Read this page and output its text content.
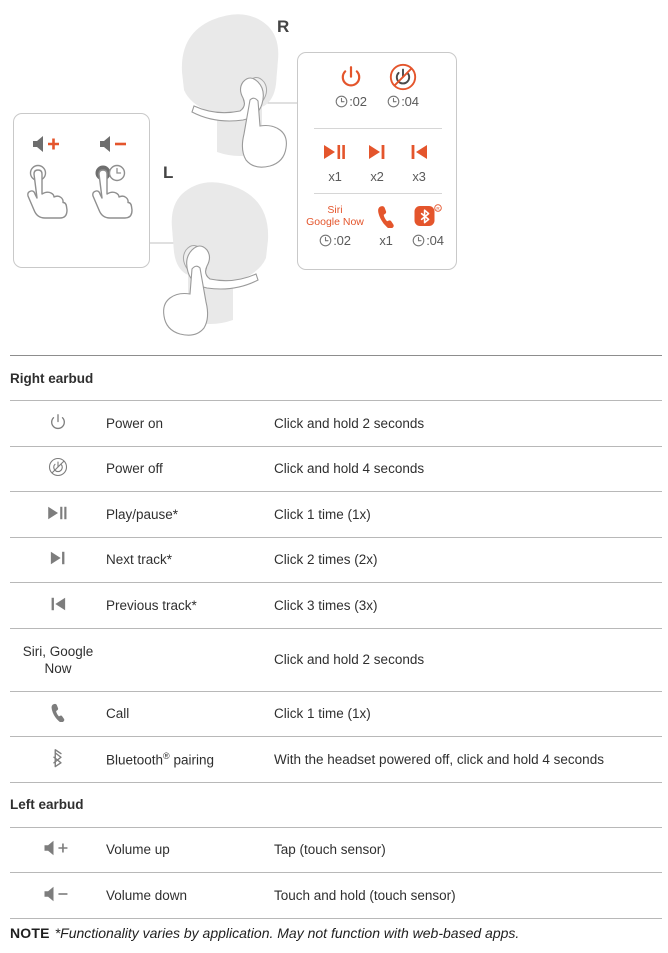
R
L
:02	:04
x1 x2 x3
Siri
Google Now
:02 x1
R
:04
Right earbud		

	Power on	Click and hold 2 seconds

	Power off	Click and hold 4 seconds

	Play/pause*	Click 1 time (1x)

	Next track*	Click 2 times (2x)

	Previous track*	Click 3 times (3x)

Siri, Google Now		Click and hold 2 seconds

	Call	Click 1 time (1x)

	Bluetooth® pairing	With the headset powered off, click and hold 4 seconds
Left earbud		

	Volume up	Tap (touch sensor)

	Volume down	Touch and hold (touch sensor)
NOTE *Functionality varies by application. May not function with web-based apps.
